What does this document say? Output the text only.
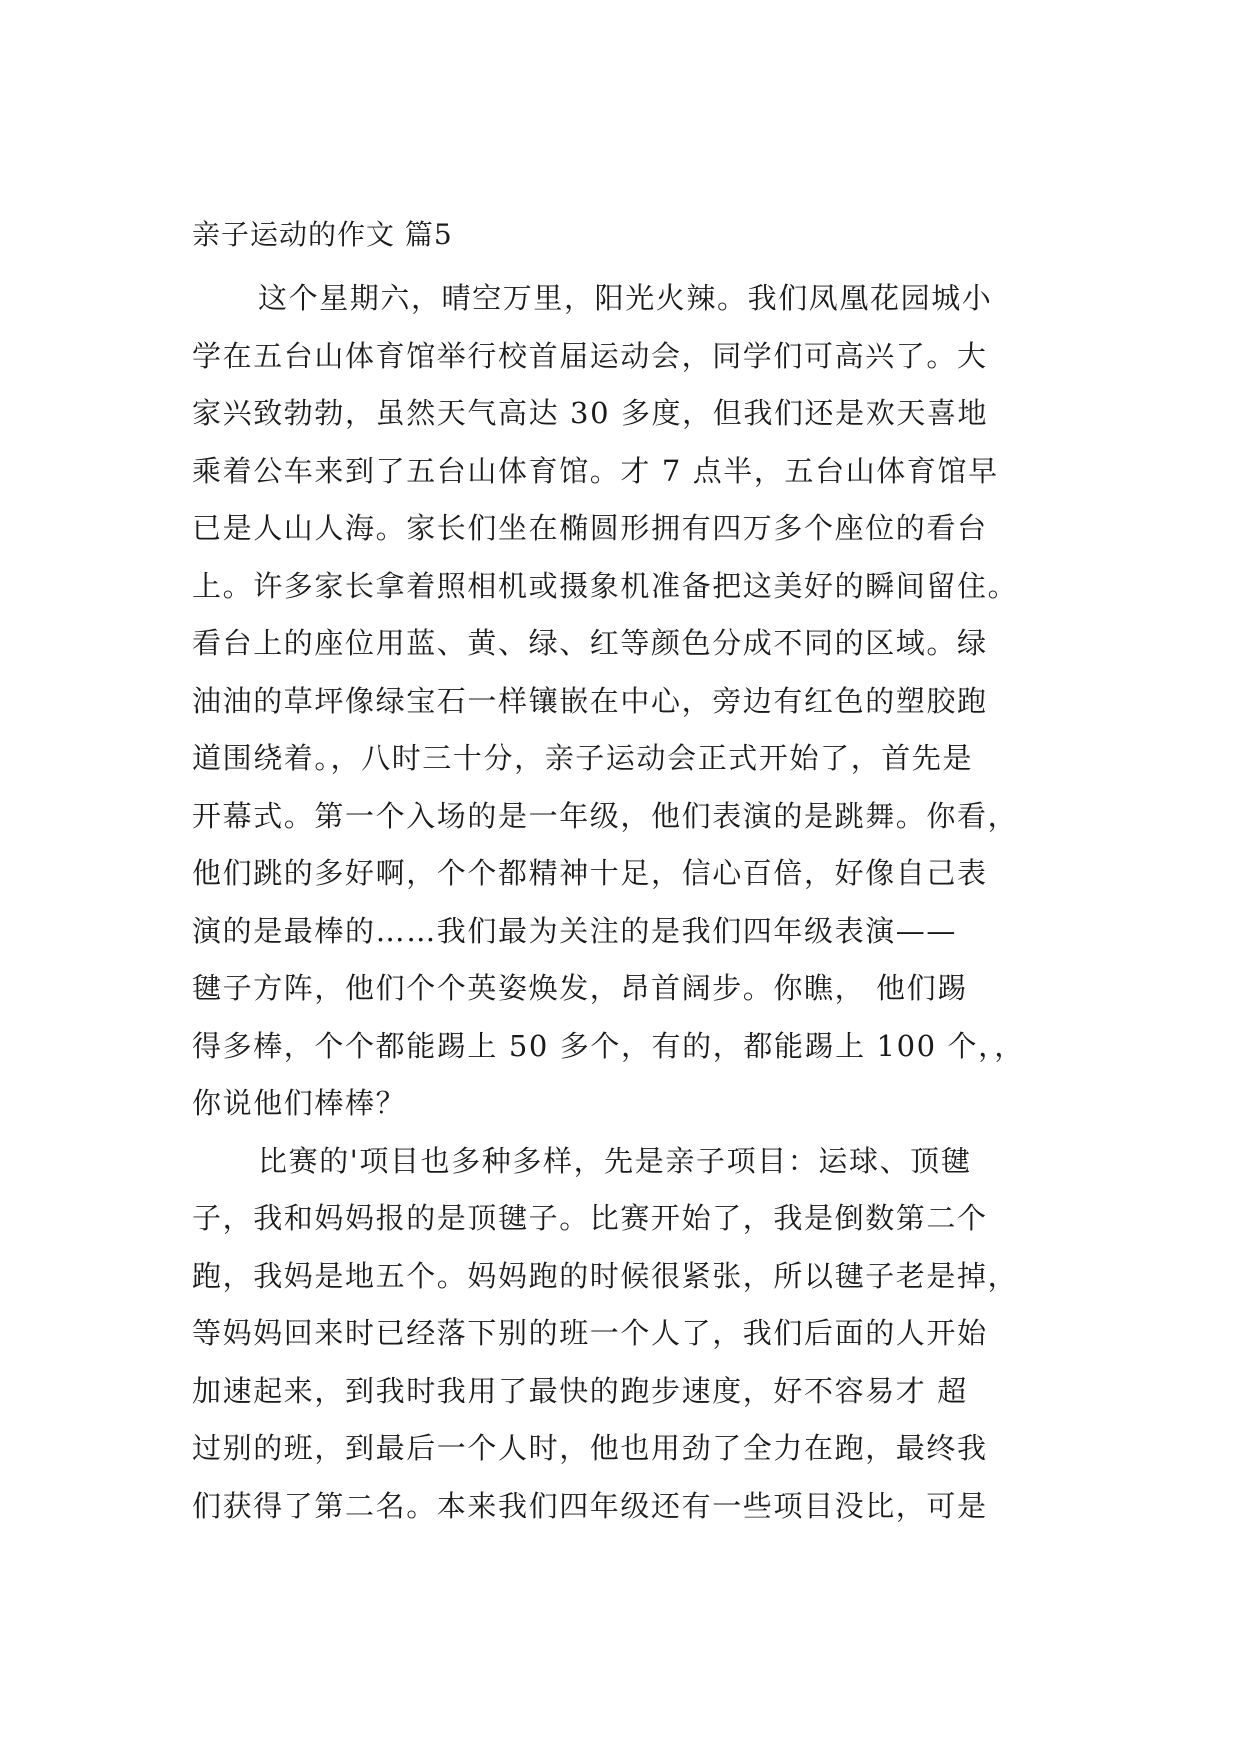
亲子运动的作文 篇5
这个星期六，晴空万里，阳光火辣。我们凤凰花园城小
学在五台山体育馆举行校首届运动会，同学们可高兴了。大
家兴致勃勃，虽然天气高达 30 多度，但我们还是欢天喜地
乘着公车来到了五台山体育馆。才 7 点半，五台山体育馆早
已是人山人海。家长们坐在椭圆形拥有四万多个座位的看台
上。许多家长拿着照相机或摄象机准备把这美好的瞬间留住。
看台上的座位用蓝、黄、绿、红等颜色分成不同的区域。绿
油油的草坪像绿宝石一样镶嵌在中心，旁边有红色的塑胶跑
道围绕着。，八时三十分，亲子运动会正式开始了，首先是
开幕式。第一个入场的是一年级，他们表演的是跳舞。你看，
他们跳的多好啊，个个都精神十足，信心百倍，好像自己表
演的是最棒的……我们最为关注的是我们四年级表演——
毽子方阵，他们个个英姿焕发，昂首阔步。你瞧， 他们踢
得多棒，个个都能踢上 50 多个，有的，都能踢上 100 个，，
你说他们棒棒？
比赛的'项目也多种多样，先是亲子项目：运球、顶毽
子，我和妈妈报的是顶毽子。比赛开始了，我是倒数第二个
跑，我妈是地五个。妈妈跑的时候很紧张，所以毽子老是掉，
等妈妈回来时已经落下别的班一个人了，我们后面的人开始
加速起来，到我时我用了最快的跑步速度，好不容易才 超
过别的班，到最后一个人时，他也用劲了全力在跑，最终我
们获得了第二名。本来我们四年级还有一些项目没比，可是
